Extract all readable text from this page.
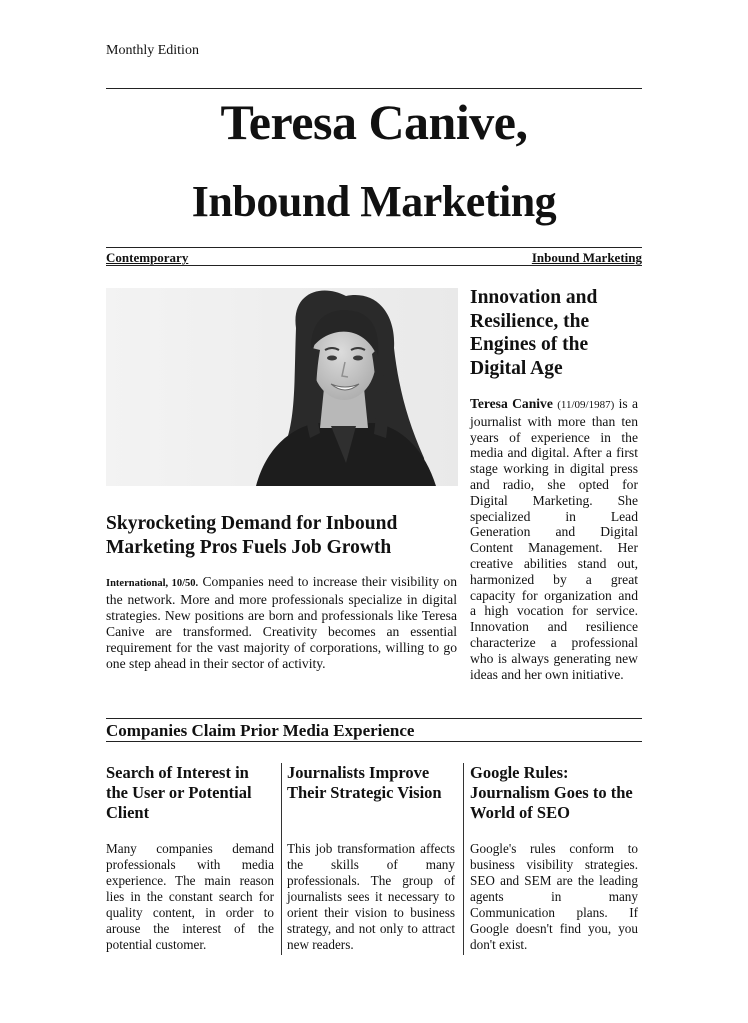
Monthly Edition
Teresa Canive,
Inbound Marketing
Contemporary	Inbound Marketing
Skyrocketing Demand for Inbound Marketing Pros Fuels Job Growth
International, 10/50. Companies need to increase their visibility on the network. More and more professionals specialize in digital strategies. New positions are born and professionals like Teresa Canive are transformed. Creativity becomes an essential requirement for the vast majority of corporations, willing to go one step ahead in their sector of activity.
Innovation and Resilience, the Engines of the Digital Age
Teresa Canive (11/09/1987) is a journalist with more than ten years of experience in the media and digital. After a first stage working in digital press and radio, she opted for Digital Marketing. She specialized in Lead Generation and Digital Content Management. Her creative abilities stand out, harmonized by a great capacity for organization and a high vocation for service. Innovation and resilience characterize a professional who is always generating new ideas and her own initiative.
Companies Claim Prior Media Experience
Search of Interest in the User or Potential Client
Many companies demand professionals with media experience. The main reason lies in the constant search for quality content, in order to arouse the interest of the potential customer.
Journalists Improve Their Strategic Vision
This job transformation affects the skills of many professionals. The group of journalists sees it necessary to orient their vision to business strategy, and not only to attract new readers.
Google Rules: Journalism Goes to the World of SEO
Google's rules conform to business visibility strategies. SEO and SEM are the leading agents in many Communication plans. If Google doesn't find you, you don't exist.
